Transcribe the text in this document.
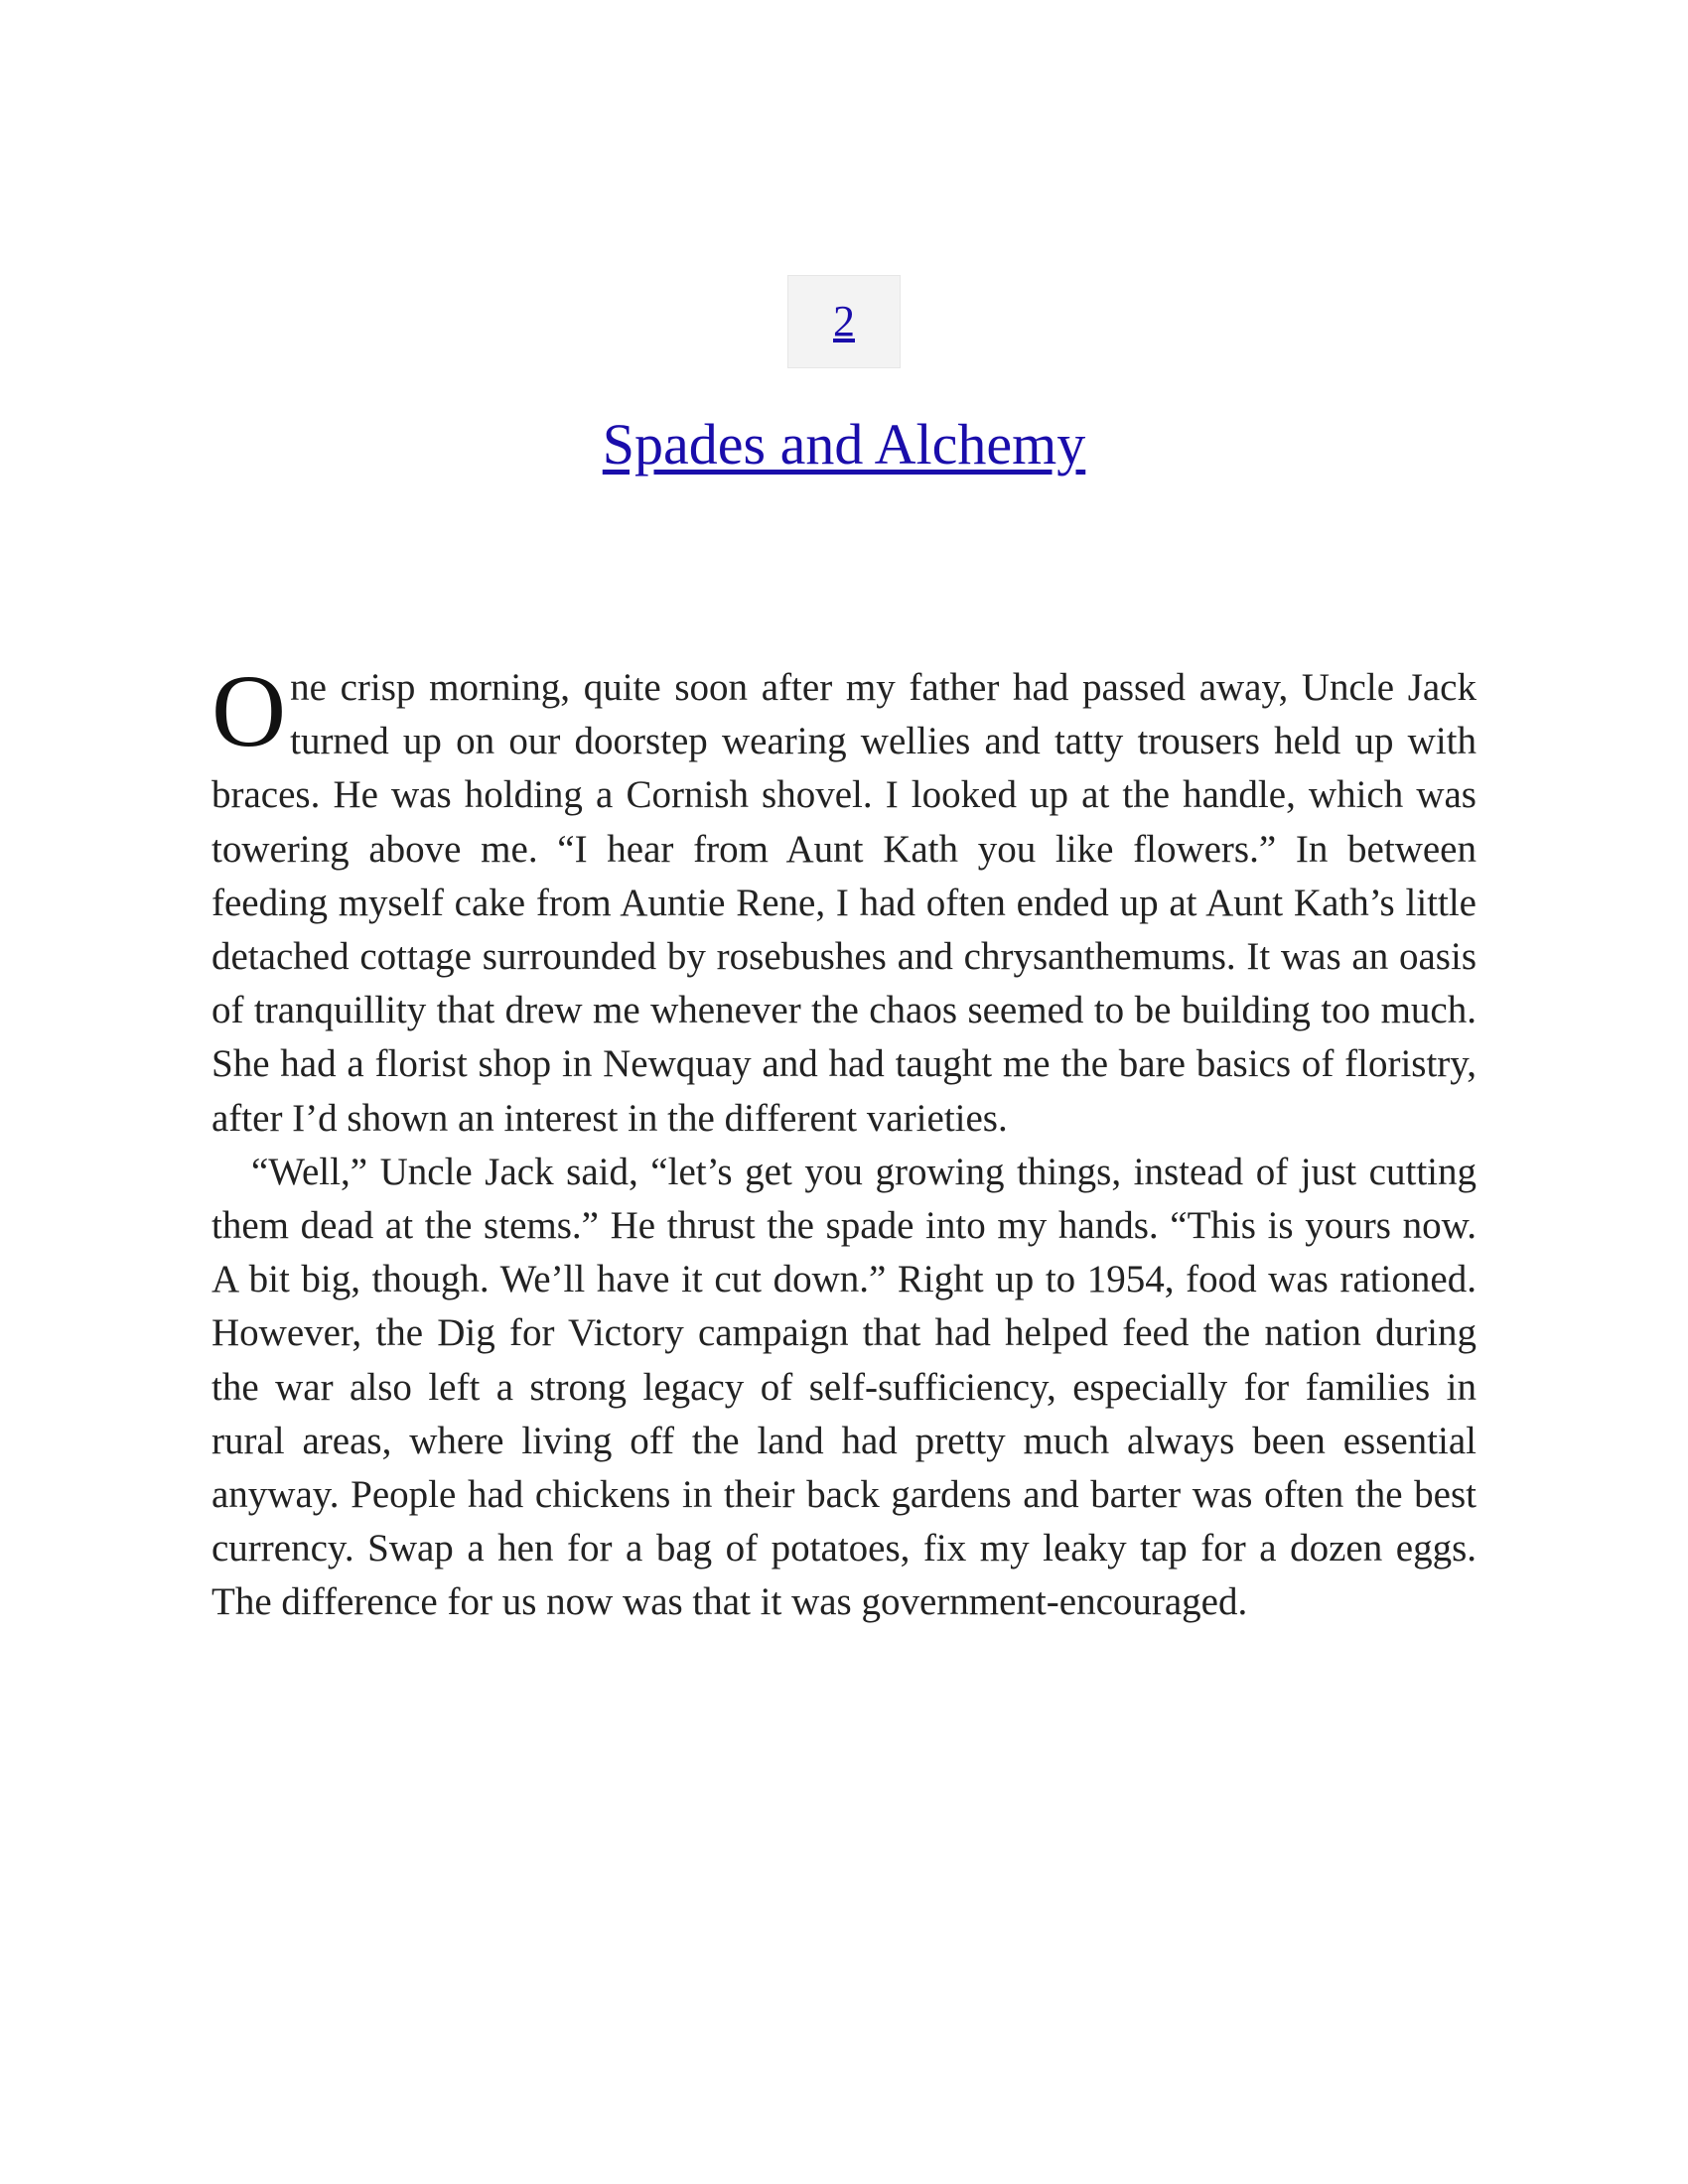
2
Spades and Alchemy

One crisp morning, quite soon after my father had passed away, Uncle Jack turned up on our doorstep wearing wellies and tatty trousers held up with braces. He was holding a Cornish shovel. I looked up at the handle, which was towering above me. “I hear from Aunt Kath you like flowers.” In between feeding myself cake from Auntie Rene, I had often ended up at Aunt Kath’s little detached cottage surrounded by rosebushes and chrysanthemums. It was an oasis of tranquillity that drew me whenever the chaos seemed to be building too much. She had a florist shop in Newquay and had taught me the bare basics of floristry, after I’d shown an interest in the different varieties.

“Well,” Uncle Jack said, “let’s get you growing things, instead of just cutting them dead at the stems.” He thrust the spade into my hands. “This is yours now. A bit big, though. We’ll have it cut down.” Right up to 1954, food was rationed. However, the Dig for Victory campaign that had helped feed the nation during the war also left a strong legacy of self-sufficiency, especially for families in rural areas, where living off the land had pretty much always been essential anyway. People had chickens in their back gardens and barter was often the best currency. Swap a hen for a bag of potatoes, fix my leaky tap for a dozen eggs. The difference for us now was that it was government-encouraged.
